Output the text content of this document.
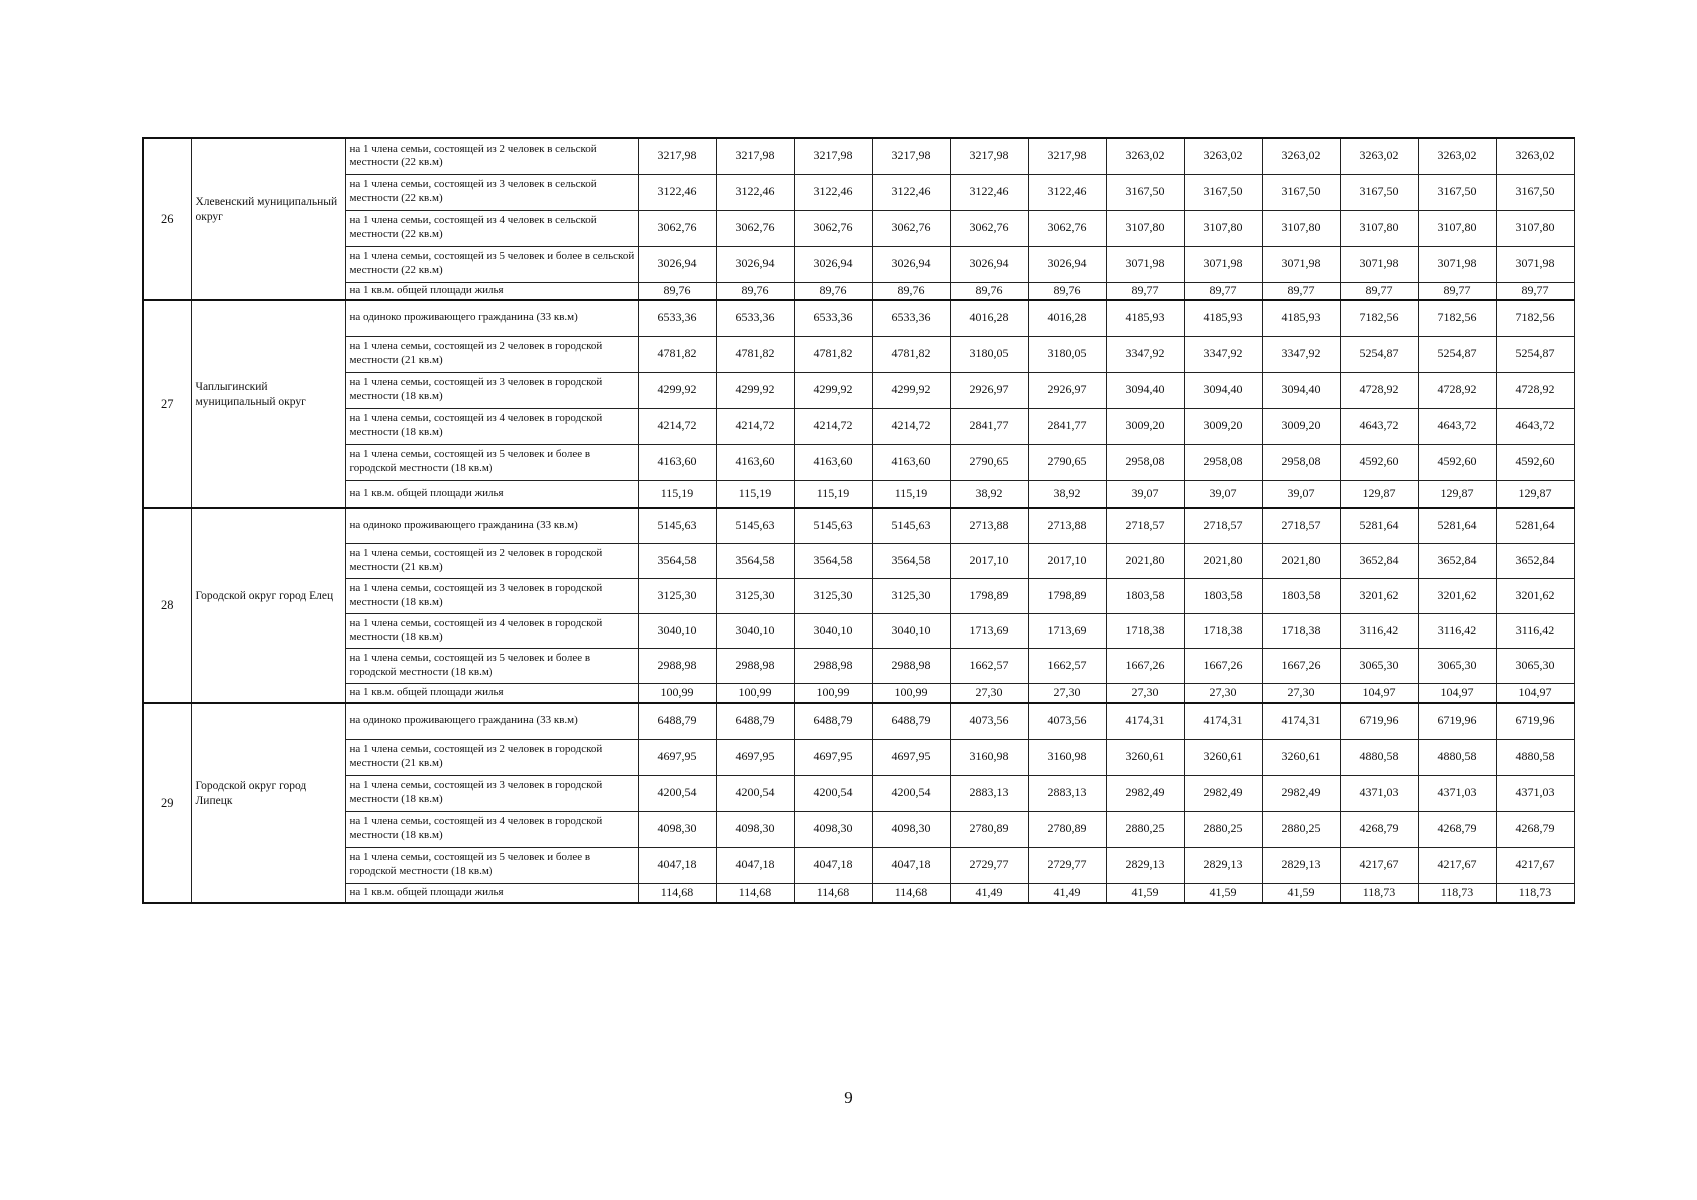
26	Хлевенский муниципальный округ	на 1 члена семьи, состоящей из 2 человек в сельской местности (22 кв.м)	3217,98	3217,98	3217,98	3217,98	3217,98	3217,98	3263,02	3263,02	3263,02	3263,02	3263,02	3263,02
		на 1 члена семьи, состоящей из 3 человек в сельской местности (22 кв.м)	3122,46	3122,46	3122,46	3122,46	3122,46	3122,46	3167,50	3167,50	3167,50	3167,50	3167,50	3167,50
		на 1 члена семьи, состоящей из 4 человек в сельской местности (22 кв.м)	3062,76	3062,76	3062,76	3062,76	3062,76	3062,76	3107,80	3107,80	3107,80	3107,80	3107,80	3107,80
		на 1 члена семьи, состоящей из 5 человек и более в сельской местности (22 кв.м)	3026,94	3026,94	3026,94	3026,94	3026,94	3026,94	3071,98	3071,98	3071,98	3071,98	3071,98	3071,98
		на 1 кв.м. общей площади жилья	89,76	89,76	89,76	89,76	89,76	89,76	89,77	89,77	89,77	89,77	89,77	89,77
27	Чаплыгинский муниципальный округ	на одиноко проживающего гражданина (33 кв.м)	6533,36	6533,36	6533,36	6533,36	4016,28	4016,28	4185,93	4185,93	4185,93	7182,56	7182,56	7182,56
		на 1 члена семьи, состоящей из 2 человек в городской местности (21 кв.м)	4781,82	4781,82	4781,82	4781,82	3180,05	3180,05	3347,92	3347,92	3347,92	5254,87	5254,87	5254,87
		на 1 члена семьи, состоящей из 3 человек в городской местности (18 кв.м)	4299,92	4299,92	4299,92	4299,92	2926,97	2926,97	3094,40	3094,40	3094,40	4728,92	4728,92	4728,92
		на 1 члена семьи, состоящей из 4 человек в городской местности (18 кв.м)	4214,72	4214,72	4214,72	4214,72	2841,77	2841,77	3009,20	3009,20	3009,20	4643,72	4643,72	4643,72
		на 1 члена семьи, состоящей из 5 человек и более в городской местности (18 кв.м)	4163,60	4163,60	4163,60	4163,60	2790,65	2790,65	2958,08	2958,08	2958,08	4592,60	4592,60	4592,60
		на 1 кв.м. общей площади жилья	115,19	115,19	115,19	115,19	38,92	38,92	39,07	39,07	39,07	129,87	129,87	129,87
28	Городской округ город Елец	на одиноко проживающего гражданина (33 кв.м)	5145,63	5145,63	5145,63	5145,63	2713,88	2713,88	2718,57	2718,57	2718,57	5281,64	5281,64	5281,64
		на 1 члена семьи, состоящей из 2 человек в городской местности (21 кв.м)	3564,58	3564,58	3564,58	3564,58	2017,10	2017,10	2021,80	2021,80	2021,80	3652,84	3652,84	3652,84
		на 1 члена семьи, состоящей из 3 человек в городской местности (18 кв.м)	3125,30	3125,30	3125,30	3125,30	1798,89	1798,89	1803,58	1803,58	1803,58	3201,62	3201,62	3201,62
		на 1 члена семьи, состоящей из 4 человек в городской местности (18 кв.м)	3040,10	3040,10	3040,10	3040,10	1713,69	1713,69	1718,38	1718,38	1718,38	3116,42	3116,42	3116,42
		на 1 члена семьи, состоящей из 5 человек и более в городской местности (18 кв.м)	2988,98	2988,98	2988,98	2988,98	1662,57	1662,57	1667,26	1667,26	1667,26	3065,30	3065,30	3065,30
		на 1 кв.м. общей площади жилья	100,99	100,99	100,99	100,99	27,30	27,30	27,30	27,30	27,30	104,97	104,97	104,97
29	Городской округ город Липецк	на одиноко проживающего гражданина (33 кв.м)	6488,79	6488,79	6488,79	6488,79	4073,56	4073,56	4174,31	4174,31	4174,31	6719,96	6719,96	6719,96
		на 1 члена семьи, состоящей из 2 человек в городской местности (21 кв.м)	4697,95	4697,95	4697,95	4697,95	3160,98	3160,98	3260,61	3260,61	3260,61	4880,58	4880,58	4880,58
		на 1 члена семьи, состоящей из 3 человек в городской местности (18 кв.м)	4200,54	4200,54	4200,54	4200,54	2883,13	2883,13	2982,49	2982,49	2982,49	4371,03	4371,03	4371,03
		на 1 члена семьи, состоящей из 4 человек в городской местности (18 кв.м)	4098,30	4098,30	4098,30	4098,30	2780,89	2780,89	2880,25	2880,25	2880,25	4268,79	4268,79	4268,79
		на 1 члена семьи, состоящей из 5 человек и более в городской местности (18 кв.м)	4047,18	4047,18	4047,18	4047,18	2729,77	2729,77	2829,13	2829,13	2829,13	4217,67	4217,67	4217,67
		на 1 кв.м. общей площади жилья	114,68	114,68	114,68	114,68	41,49	41,49	41,59	41,59	41,59	118,73	118,73	118,73
9
